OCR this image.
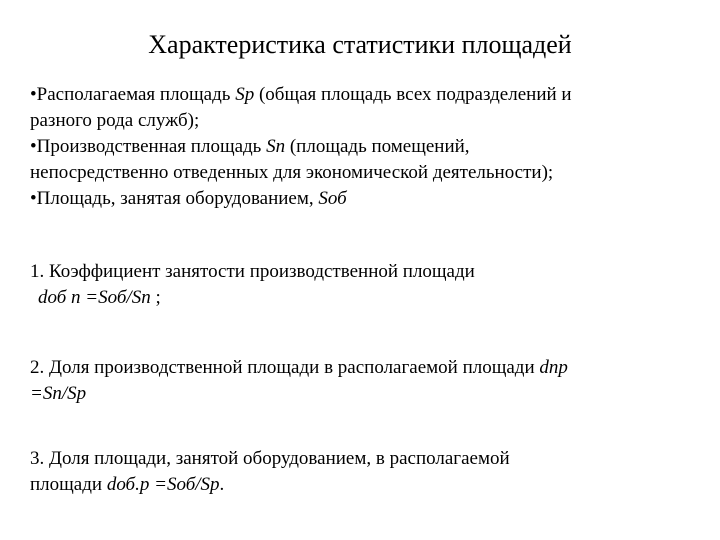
Характеристика статистики площадей
•Располагаемая площадь Sp (общая площадь всех подразделений и
разного рода служб);
•Производственная площадь Sn (площадь помещений,
непосредственно отведенных для экономической деятельности);
•Площадь, занятая оборудованием, Sоб
1. Коэффициент занятости производственной площади
dоб п =Sоб/Sп ;
2. Доля производственной площади в располагаемой площади dпр
=Sп/Sр
3. Доля площади, занятой оборудованием, в располагаемой
площади dоб.р =Sоб/Sр.
